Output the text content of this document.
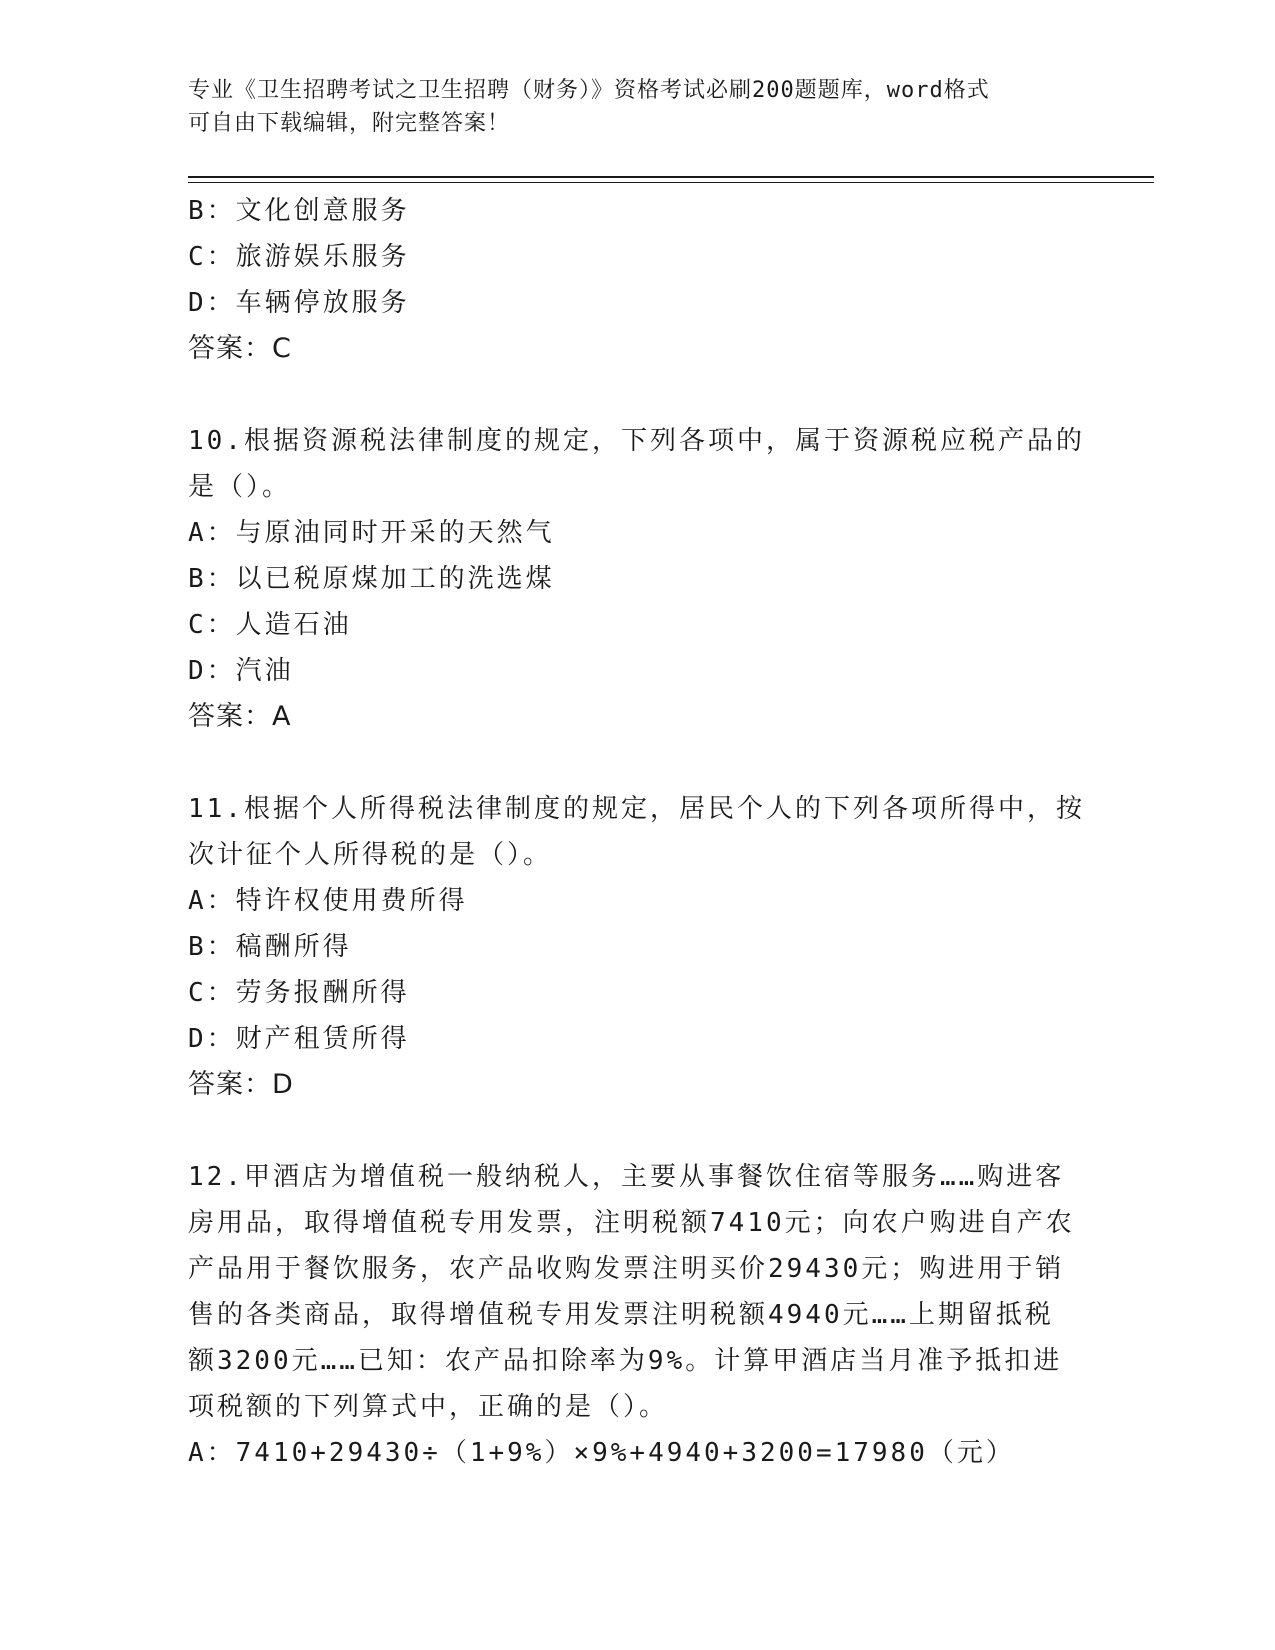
专业《卫生招聘考试之卫生招聘（财务）》资格考试必刷200题题库，word格式
可自由下载编辑，附完整答案！
B：文化创意服务
C：旅游娱乐服务
D：车辆停放服务
答案：C
10.根据资源税法律制度的规定，下列各项中，属于资源税应税产品的
是（）。
A：与原油同时开采的天然气
B：以已税原煤加工的洗选煤
C：人造石油
D：汽油
答案：A
11.根据个人所得税法律制度的规定，居民个人的下列各项所得中，按
次计征个人所得税的是（）。
A：特许权使用费所得
B：稿酬所得
C：劳务报酬所得
D：财产租赁所得
答案：D
12.甲酒店为增值税一般纳税人，主要从事餐饮住宿等服务……购进客
房用品，取得增值税专用发票，注明税额7410元；向农户购进自产农
产品用于餐饮服务，农产品收购发票注明买价29430元；购进用于销
售的各类商品，取得增值税专用发票注明税额4940元……上期留抵税
额3200元……已知：农产品扣除率为9%。计算甲酒店当月准予抵扣进
项税额的下列算式中，正确的是（）。
A：7410+29430÷（1+9%）×9%+4940+3200=17980（元）
